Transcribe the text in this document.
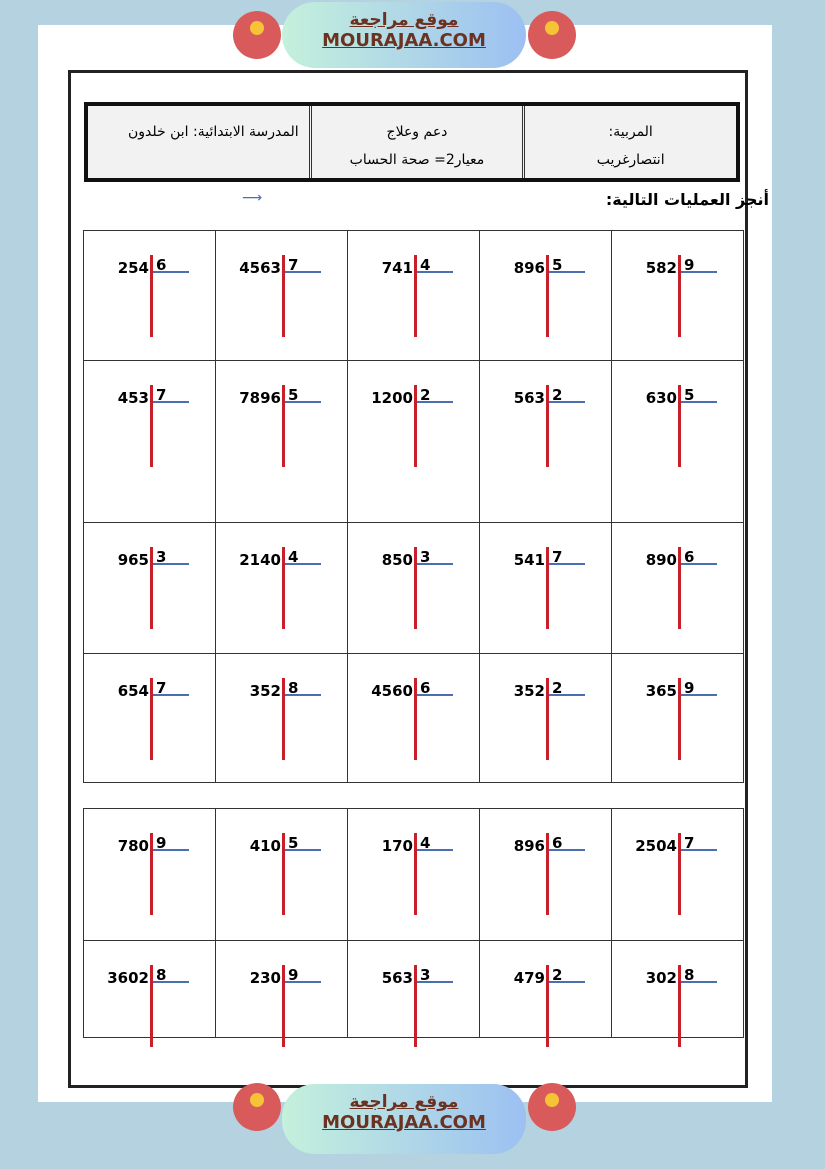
موقع مراجعة
MOURAJAA.COM
المربية:
انتصارغريب
دعم وعلاج
معيار2= صحة الحساب
المدرسة الابتدائية: ابن خلدون
أنجز العمليات التالية:
⟶
254 6	4563 7	741 4	896 5	582 9

453 7	7896 5	1200 2	563 2	630 5

965 3	2140 4	850 3	541 7	890 6

654 7	352 8	4560 6	352 2	365 9
780 9	410 5	170 4	896 6	2504 7

3602 8	230 9	563 3	479 2	302 8
موقع مراجعة
MOURAJAA.COM
